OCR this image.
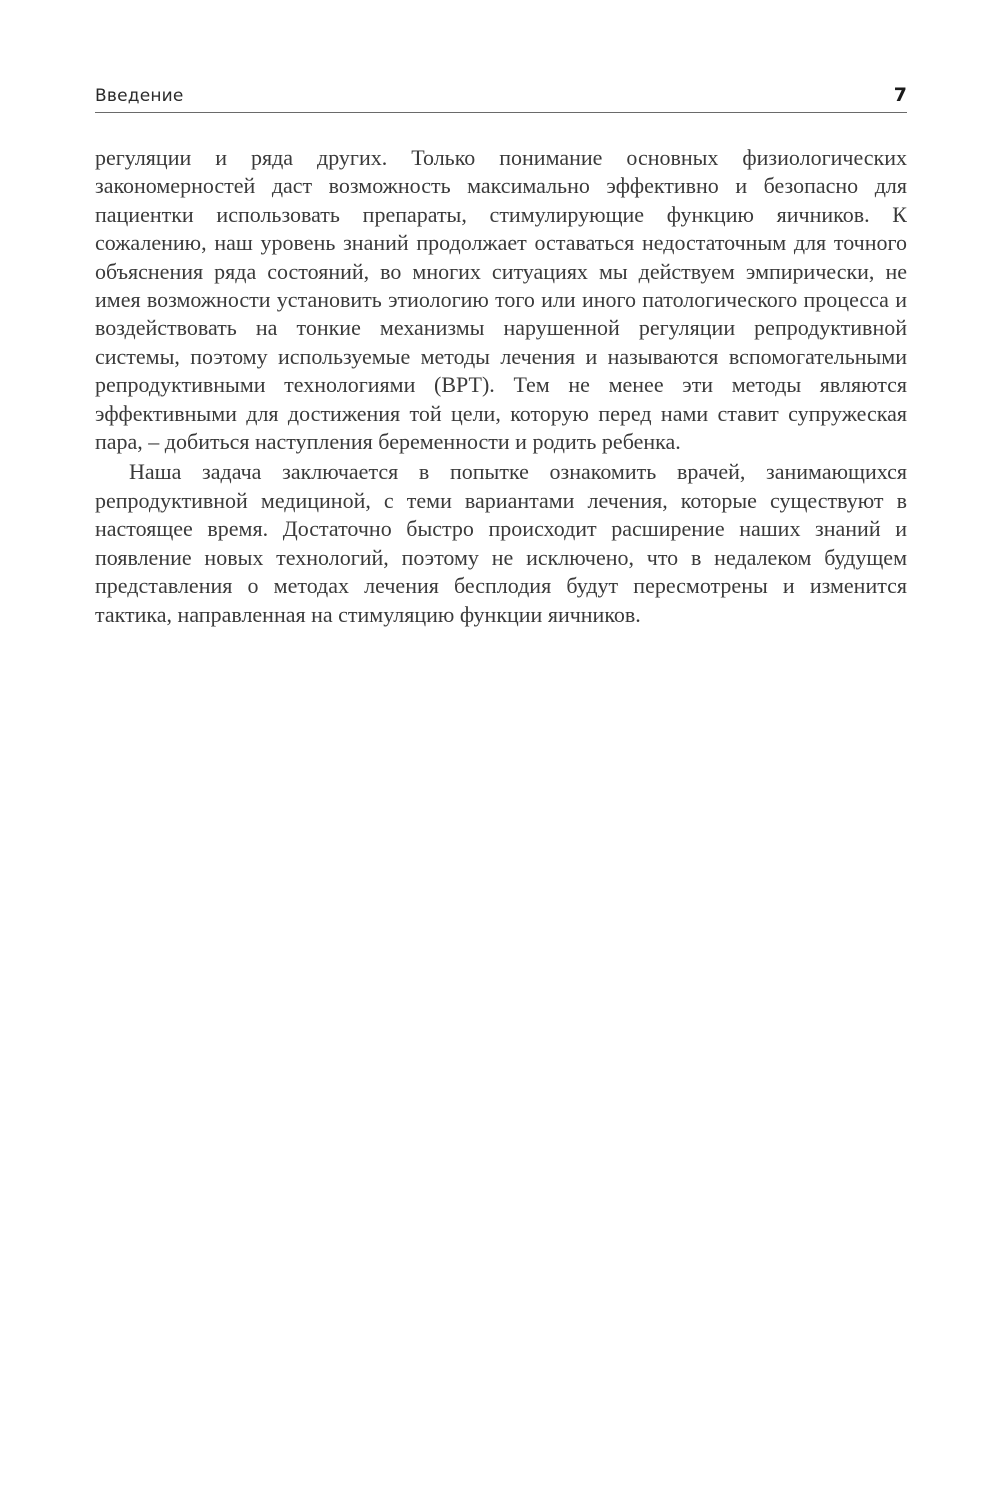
Введение	7

регуляции и ряда других. Только понимание основных физиологических закономерностей даст возможность максимально эффективно и безопасно для пациентки использовать препараты, стимулирующие функцию яичников. К сожалению, наш уровень знаний продолжает оставаться недостаточным для точного объяснения ряда состояний, во многих ситуациях мы действуем эмпирически, не имея возможности установить этиологию того или иного патологического процесса и воздействовать на тонкие механизмы нарушенной регуляции репродуктивной системы, поэтому используемые методы лечения и называются вспомогательными репродуктивными технологиями (ВРТ). Тем не менее эти методы являются эффективными для достижения той цели, которую перед нами ставит супружеская пара, – добиться наступления беременности и родить ребенка.

Наша задача заключается в попытке ознакомить врачей, занимающихся репродуктивной медициной, с теми вариантами лечения, которые существуют в настоящее время. Достаточно быстро происходит расширение наших знаний и появление новых технологий, поэтому не исключено, что в недалеком будущем представления о методах лечения бесплодия будут пересмотрены и изменится тактика, направленная на стимуляцию функции яичников.
